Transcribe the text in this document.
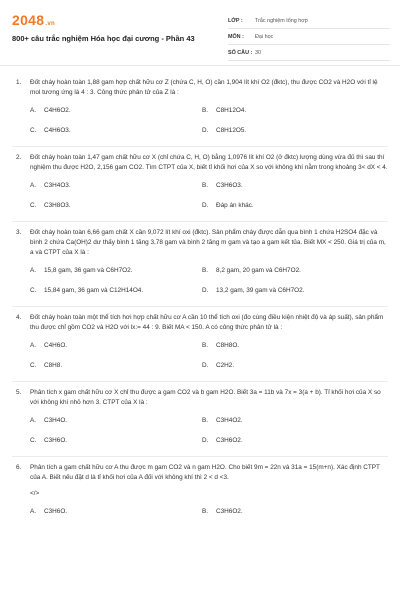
2048.vn
800+ câu trắc nghiệm Hóa học đại cương - Phần 43
LỚP :	Trắc nghiệm tổng hợp
MÔN :	Đại học
SỐ CÂU : 30
1.	Đốt cháy hoàn toàn 1,88 gam hợp chất hữu cơ Z (chứa C, H, O) cần 1,904 lít khí O2 (đktc), thu được CO2 và H2O với tỉ lệ mol tương ứng là 4 : 3. Công thức phân tử của Z là :
A.	C4H6O2.	B.	C8H12O4.
C.	C4H6O3.	D.	C8H12O5.
2.	Đốt cháy hoàn toàn 1,47 gam chất hữu cơ X (chỉ chứa C, H, O) bằng 1,0976 lít khí O2 (ở đktc) lượng dùng vừa đủ thì sau thí nghiệm thu được H2O, 2,156 gam CO2. Tìm CTPT của X, biết tỉ khối hơi của X so với không khí nằm trong khoảng 3< dX < 4.
A.	C3H4O3.	B.	C3H6O3.
C.	C3H8O3.	D.	Đáp án khác.
3.	Đốt cháy hoàn toàn 6,66 gam chất X cần 9,072 lít khí oxi (đktc). Sản phẩm cháy được dẫn qua bình 1 chứa H2SO4 đặc và bình 2 chứa Ca(OH)2 dư thấy bình 1 tăng 3,78 gam và bình 2 tăng m gam và tạo a gam kết tủa. Biết MX < 250. Giá trị của m, a và CTPT của X là :
A.	15,8 gam, 36 gam và C6H7O2.	B.	8,2 gam, 20 gam và C6H7O2.
C.	15,84 gam, 36 gam và C12H14O4.	D.	13,2 gam, 39 gam và C6H7O2.
4.	Đốt cháy hoàn toàn một thể tích hơi hợp chất hữu cơ A cần 10 thể tích oxi (đo cùng điều kiện nhiệt độ và áp suất), sản phẩm thu được chỉ gồm CO2 và H2O với lx:= 44 : 9. Biết MA < 150. A có công thức phân tử là :
A.	C4H6O.	B.	C8H8O.
C.	C8H8.	D.	C2H2.
5.	Phân tích x gam chất hữu cơ X chỉ thu được a gam CO2 và b gam H2O. Biết 3a = 11b và 7x = 3(a + b). Tỉ khối hơi của X so với không khí nhỏ hơn 3. CTPT của X là :
A.	C3H4O.	B.	C3H4O2.
C.	C3H6O.	D.	C3H6O2.
6.	Phân tích a gam chất hữu cơ A thu được m gam CO2 và n gam H2O. Cho biết 9m = 22n và 31a = 15(m+n). Xác định CTPT của A. Biết nếu đặt d là tỉ khối hơi của A đối với không khí thì 2 < d <3.
</>
A.	C3H6O.	B.	C3H6O2.
